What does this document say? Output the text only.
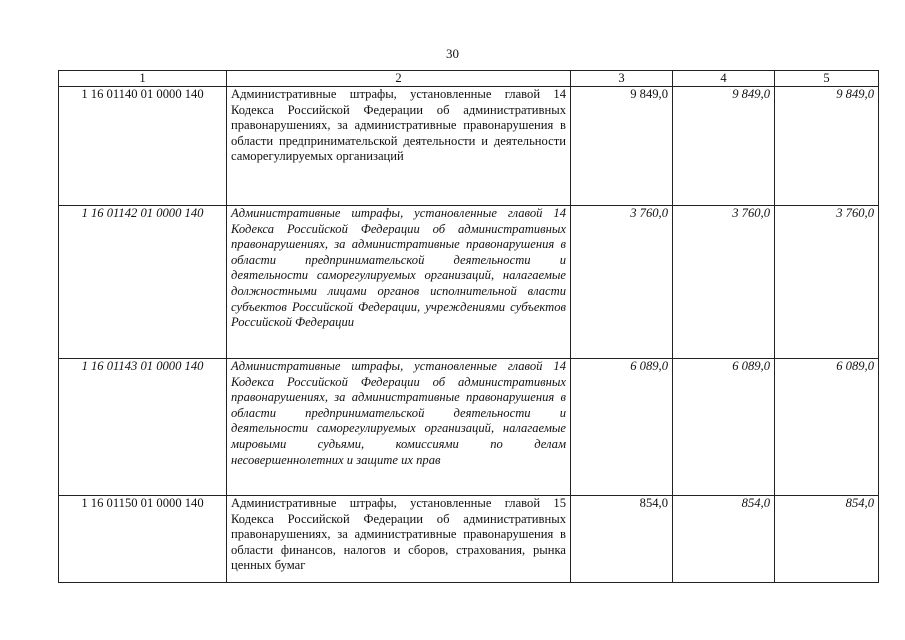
30
1	2	3	4	5
1 16 01140 01 0000 140	Административные штрафы, установленные главой 14 Кодекса Российской Федерации об административных правонарушениях, за административные правонарушения в области предпринимательской деятельности и деятельности саморегулируемых организаций	9 849,0	9 849,0	9 849,0
1 16 01142 01 0000 140	Административные штрафы, установленные главой 14 Кодекса Российской Федерации об административных правонарушениях, за административные правонарушения в области предпринимательской деятельности и деятельности саморегулируемых организаций, налагаемые должностными лицами органов исполнительной власти субъектов Российской Федерации, учреждениями субъектов Российской Федерации	3 760,0	3 760,0	3 760,0
1 16 01143 01 0000 140	Административные штрафы, установленные главой 14 Кодекса Российской Федерации об административных правонарушениях, за административные правонарушения в области предпринимательской деятельности и деятельности саморегулируемых организаций, налагаемые мировыми судьями, комиссиями по делам несовершеннолетних и защите их прав	6 089,0	6 089,0	6 089,0
1 16 01150 01 0000 140	Административные штрафы, установленные главой 15 Кодекса Российской Федерации об административных правонарушениях, за административные правонарушения в области финансов, налогов и сборов, страхования, рынка ценных бумаг	854,0	854,0	854,0
